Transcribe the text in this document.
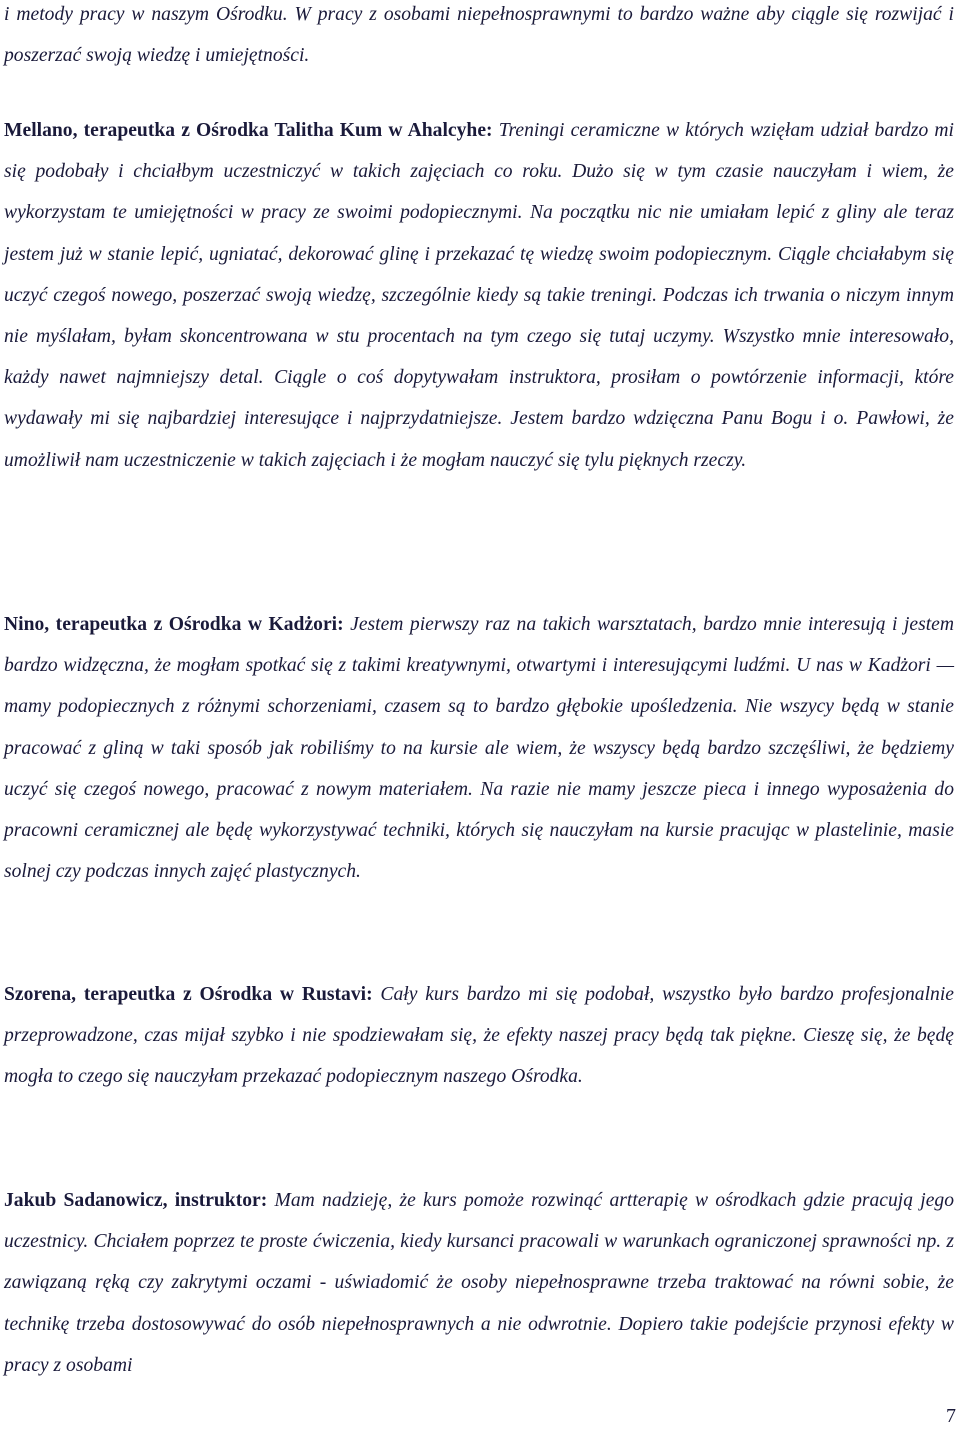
i metody pracy w naszym Ośrodku. W pracy z osobami niepełnosprawnymi to bardzo ważne aby ciągle się rozwijać i poszerzać swoją wiedzę i umiejętności.

Mellano, terapeutka z Ośrodka Talitha Kum w Ahalcyhe: Treningi ceramiczne w których wzięłam udział bardzo mi się podobały i chciałbym uczestniczyć w takich zajęciach co roku. Dużo się w tym czasie nauczyłam i wiem, że wykorzystam te umiejętności w pracy ze swoimi podopiecznymi. Na początku nic nie umiałam lepić z gliny ale teraz jestem już w stanie lepić, ugniatać, dekorować glinę i przekazać tę wiedzę swoim podopiecznym. Ciągle chciałabym się uczyć czegoś nowego, poszerzać swoją wiedzę, szczególnie kiedy są takie treningi. Podczas ich trwania o niczym innym nie myślałam, byłam skoncentrowana w stu procentach na tym czego się tutaj uczymy. Wszystko mnie interesowało, każdy nawet najmniejszy detal. Ciągle o coś dopytywałam instruktora, prosiłam o powtórzenie informacji, które wydawały mi się najbardziej interesujące i najprzydatniejsze. Jestem bardzo wdzięczna Panu Bogu i o. Pawłowi, że umożliwił nam uczestniczenie w takich zajęciach i że mogłam nauczyć się tylu pięknych rzeczy.

Nino, terapeutka z Ośrodka w Kadżori: Jestem pierwszy raz na takich warsztatach, bardzo mnie interesują i jestem bardzo widzęczna, że mogłam spotkać się z takimi kreatywnymi, otwartymi i interesującymi ludźmi. U nas w Kadżori — mamy podopiecznych z różnymi schorzeniami, czasem są to bardzo głębokie upośledzenia. Nie wszycy będą w stanie pracować z gliną w taki sposób jak robiliśmy to na kursie ale wiem, że wszyscy będą bardzo szczęśliwi, że będziemy uczyć się czegoś nowego, pracować z nowym materiałem. Na razie nie mamy jeszcze pieca i innego wyposażenia do pracowni ceramicznej ale będę wykorzystywać techniki, których się nauczyłam na kursie pracując w plastelinie, masie solnej czy podczas innych zajęć plastycznych.

Szorena, terapeutka z Ośrodka w Rustavi: Cały kurs bardzo mi się podobał, wszystko było bardzo profesjonalnie przeprowadzone, czas mijał szybko i nie spodziewałam się, że efekty naszej pracy będą tak piękne. Cieszę się, że będę mogła to czego się nauczyłam przekazać podopiecznym naszego Ośrodka.

Jakub Sadanowicz, instruktor: Mam nadzieję, że kurs pomoże rozwinąć artterapię w ośrodkach gdzie pracują jego uczestnicy. Chciałem poprzez te proste ćwiczenia, kiedy kursanci pracowali w warunkach ograniczonej sprawności np. z zawiązaną ręką czy zakrytymi oczami - uświadomić że osoby niepełnosprawne trzeba traktować na równi sobie, że technikę trzeba dostosowywać do osób niepełnosprawnych a nie odwrotnie. Dopiero takie podejście przynosi efekty w pracy z osobami

7
